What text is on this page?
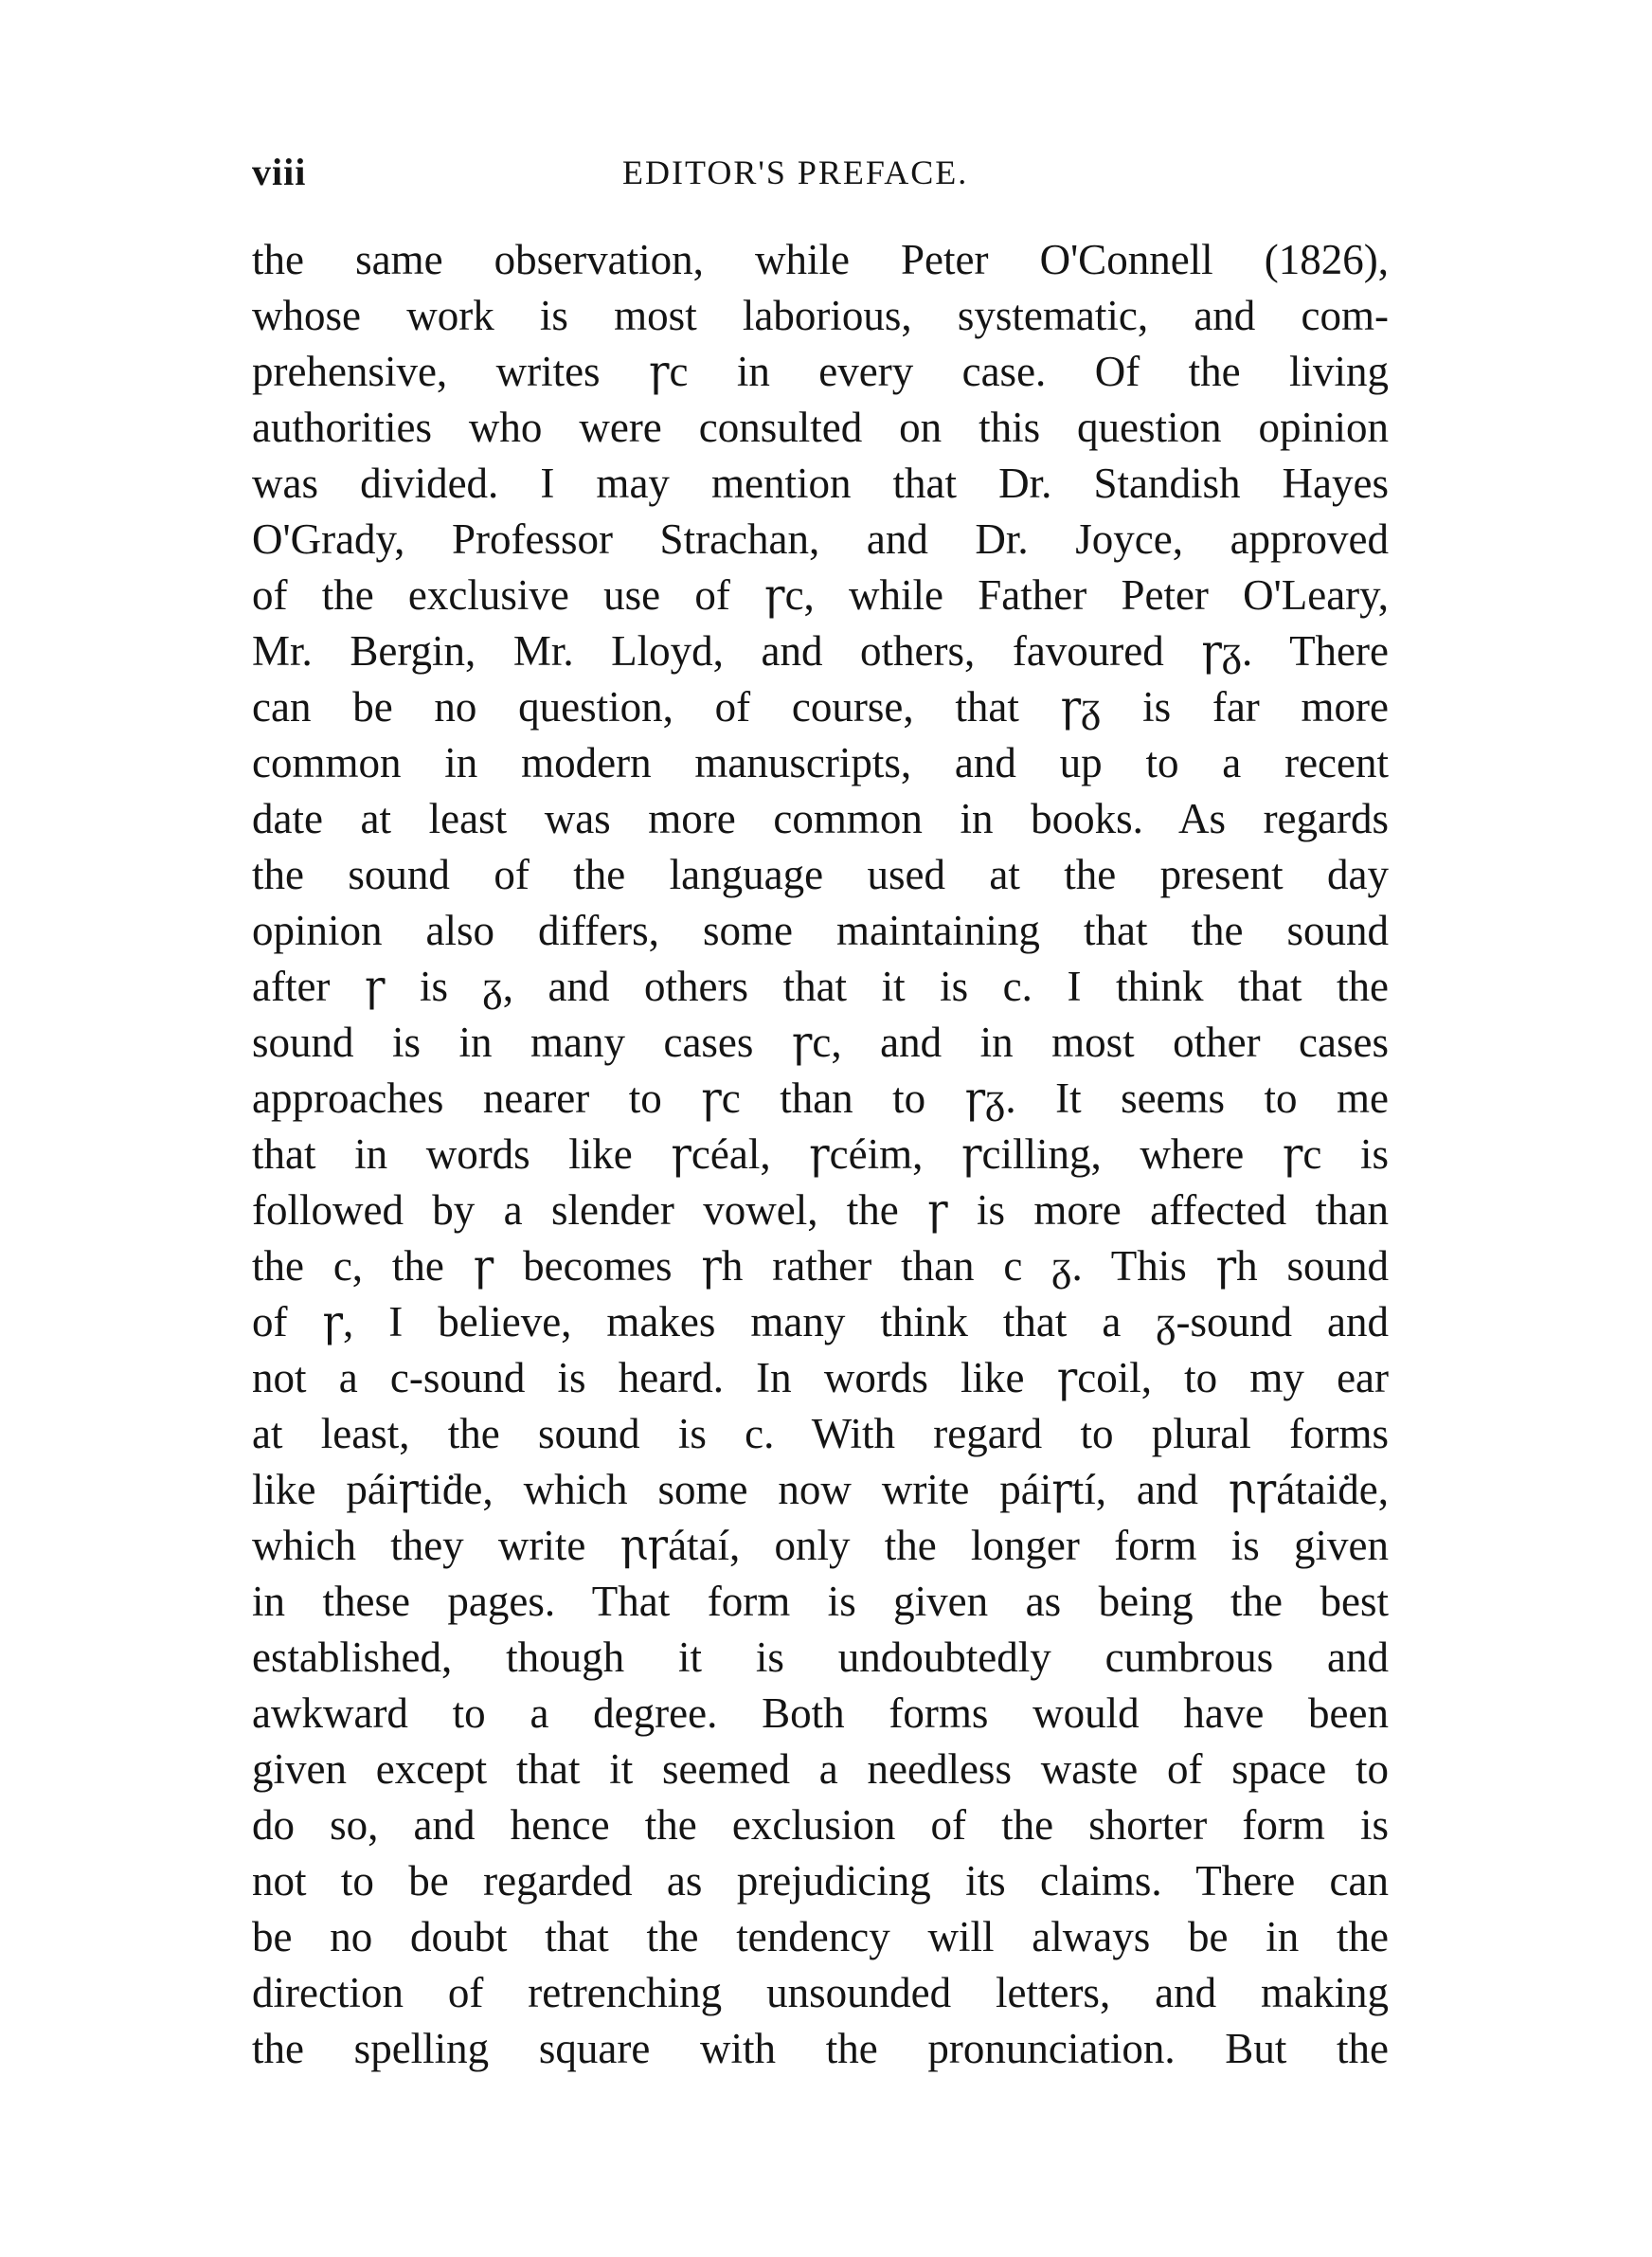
viii	EDITOR'S PREFACE.
the same observation, while Peter O'Connell (1826),
whose work is most laborious, systematic, and com-
prehensive, writes ꞅc in every case. Of the living
authorities who were consulted on this question opinion
was divided. I may mention that Dr. Standish Hayes
O'Grady, Professor Strachan, and Dr. Joyce, approved
of the exclusive use of ꞅc, while Father Peter O'Leary,
Mr. Bergin, Mr. Lloyd, and others, favoured ꞅᵹ. There
can be no question, of course, that ꞅᵹ is far more
common in modern manuscripts, and up to a recent
date at least was more common in books. As regards
the sound of the language used at the present day
opinion also differs, some maintaining that the sound
after ꞅ is ᵹ, and others that it is c. I think that the
sound is in many cases ꞅc, and in most other cases
approaches nearer to ꞅc than to ꞅᵹ. It seems to me
that in words like ꞅcéal, ꞅcéim, ꞅcilling, where ꞅc is
followed by a slender vowel, the ꞅ is more affected than
the c, the ꞅ becomes ꞅh rather than c ᵹ. This ꞅh sound
of ꞅ, I believe, makes many think that a ᵹ-sound and
not a c-sound is heard. In words like ꞅcoil, to my ear
at least, the sound is c. With regard to plural forms
like páiꞅtiḋe, which some now write páiꞅtí, and ꞃꞅátaiḋe,
which they write ꞃꞅátaí, only the longer form is given
in these pages. That form is given as being the best
established, though it is undoubtedly cumbrous and
awkward to a degree. Both forms would have been
given except that it seemed a needless waste of space to
do so, and hence the exclusion of the shorter form is
not to be regarded as prejudicing its claims. There can
be no doubt that the tendency will always be in the
direction of retrenching unsounded letters, and making
the spelling square with the pronunciation. But the
